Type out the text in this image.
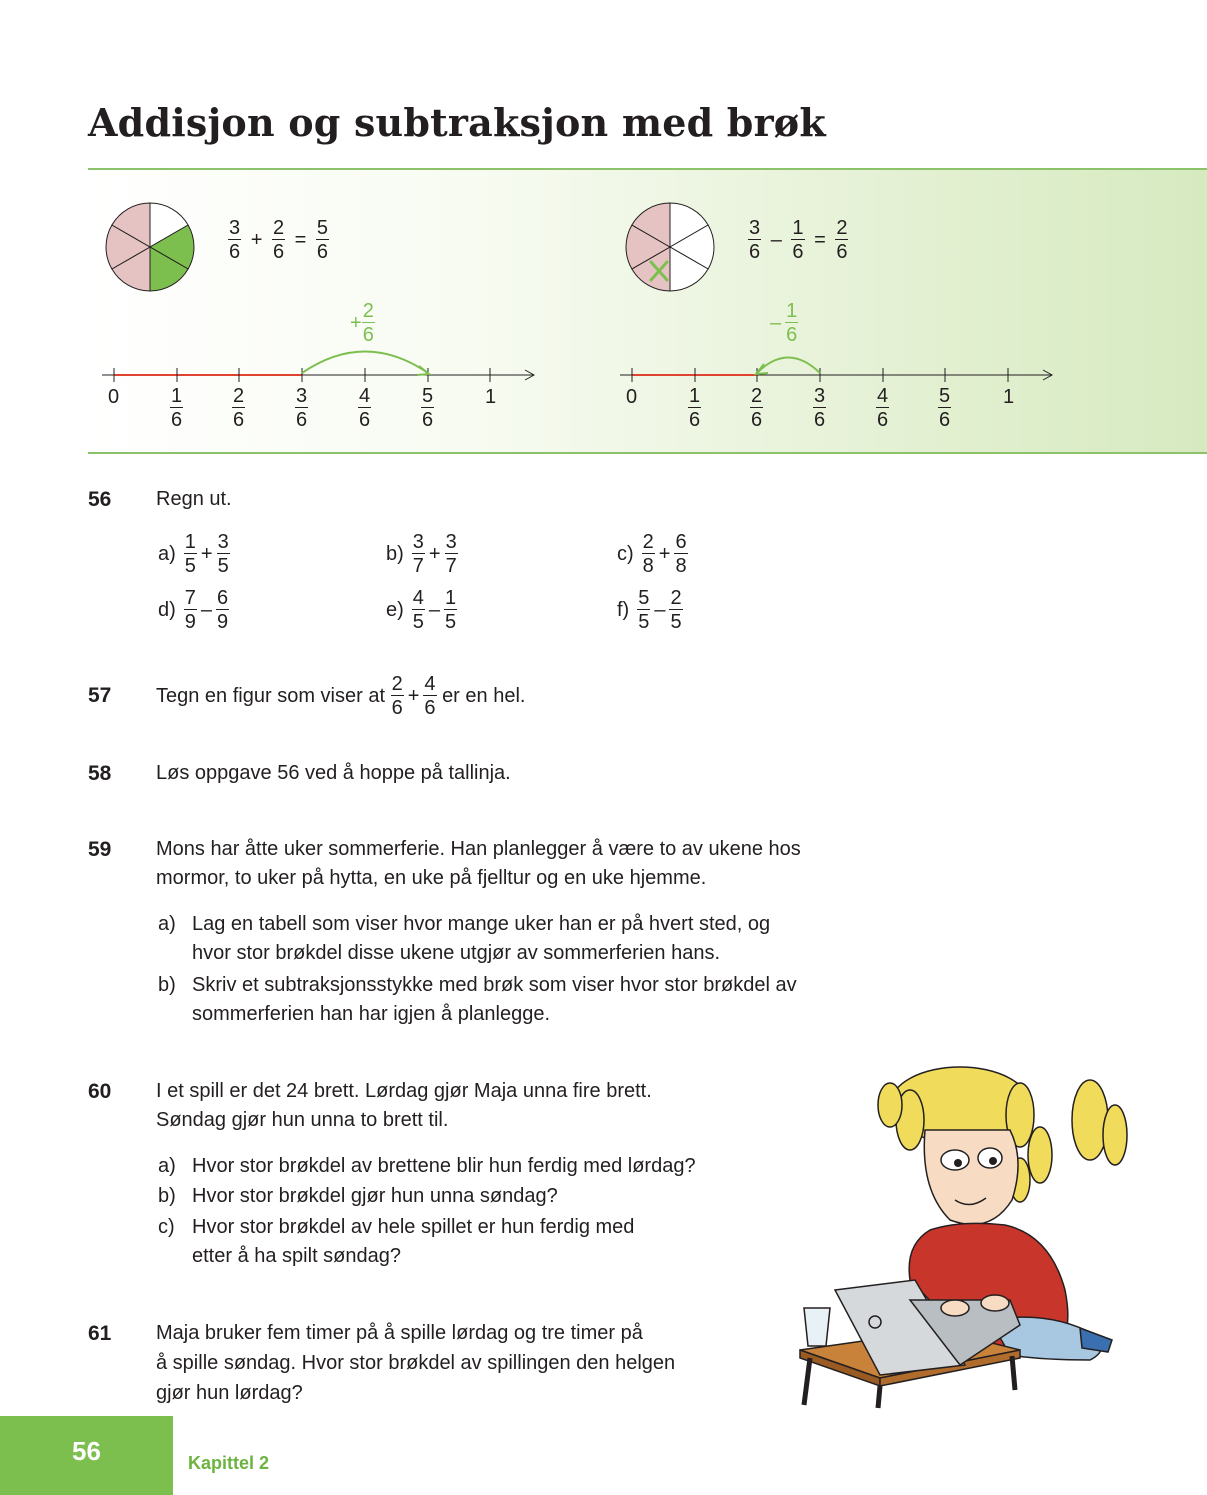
Addisjon og subtraksjon med brøk
$\frac{3}{6} + \frac{2}{6} = \frac{5}{6}$	$\frac{3}{6} - \frac{1}{6} = \frac{2}{6}$
+ $\frac{2}{6}$	– $\frac{1}{6}$
0	$\frac{1}{6} \frac{2}{6} \frac{3}{6} \frac{4}{6} \frac{5}{6}$	1	0	$\frac{1}{6} \frac{2}{6} \frac{3}{6} \frac{4}{6} \frac{5}{6}$	1
56 Regn ut.
$a) \frac{1}{5} + \frac{3}{5}$	$b) \frac{3}{7} + \frac{3}{7}$	$c) \frac{2}{8} + \frac{6}{8}$
$d) \frac{7}{9} - \frac{6}{9}$	$e) \frac{4}{5} - \frac{1}{5}$	$f) \frac{5}{5} - \frac{2}{5}$
57 Tegn en figur som viser at $\frac{2}{6} + \frac{4}{6}$ er en hel.
58 Løs oppgave 56 ved å hoppe på tallinja.
59 Mons har åtte uker sommerferie. Han planlegger å være to av ukene hos
mormor, to uker på hytta, en uke på fjelltur og en uke hjemme.
a) Lag en tabell som viser hvor mange uker han er på hvert sted, og
hvor stor brøkdel disse ukene utgjør av sommerferien hans.
b) Skriv et subtraksjonsstykke med brøk som viser hvor stor brøkdel av
sommerferien han har igjen å planlegge.
60 I et spill er det 24 brett. Lørdag gjør Maja unna fire brett.
Søndag gjør hun unna to brett til.
a) Hvor stor brøkdel av brettene blir hun ferdig med lørdag?
b) Hvor stor brøkdel gjør hun unna søndag?
c) Hvor stor brøkdel av hele spillet er hun ferdig med
etter å ha spilt søndag?
61 Maja bruker fem timer på å spille lørdag og tre timer på
å spille søndag. Hvor stor brøkdel av spillingen den helgen
gjør hun lørdag?
56	Kapittel 2
